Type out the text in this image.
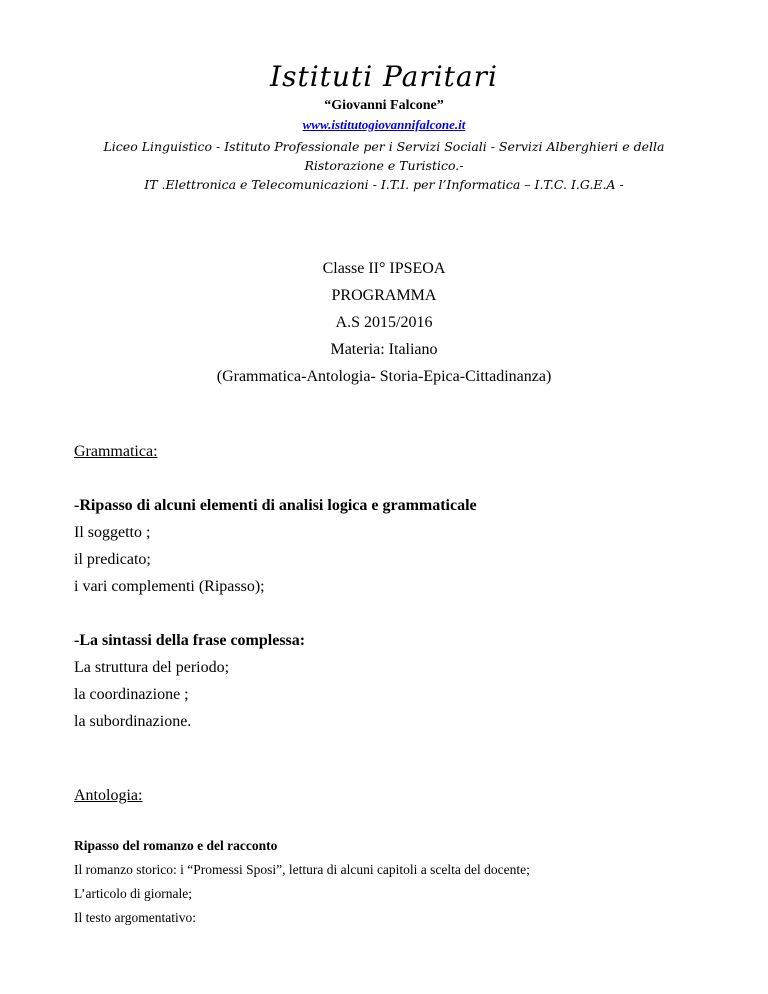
Istituti Paritari
“Giovanni Falcone”
www.istitutogiovannifalcone.it
Liceo Linguistico - Istituto Professionale per i Servizi Sociali - Servizi Alberghieri e della Ristorazione e Turistico.-
IT .Elettronica e Telecomunicazioni - I.T.I. per l’Informatica – I.T.C. I.G.E.A -
Classe II° IPSEOA
PROGRAMMA
A.S 2015/2016
Materia: Italiano
(Grammatica-Antologia- Storia-Epica-Cittadinanza)
Grammatica:
-Ripasso di alcuni elementi di analisi logica e grammaticale
Il soggetto ;
il predicato;
i vari complementi (Ripasso);
-La sintassi della frase complessa:
La struttura del periodo;
la coordinazione ;
la subordinazione.
Antologia:
Ripasso del romanzo e del racconto
Il romanzo storico: i “Promessi Sposi”, lettura di alcuni capitoli a scelta del docente;
L’articolo di giornale;
Il testo argomentativo:
